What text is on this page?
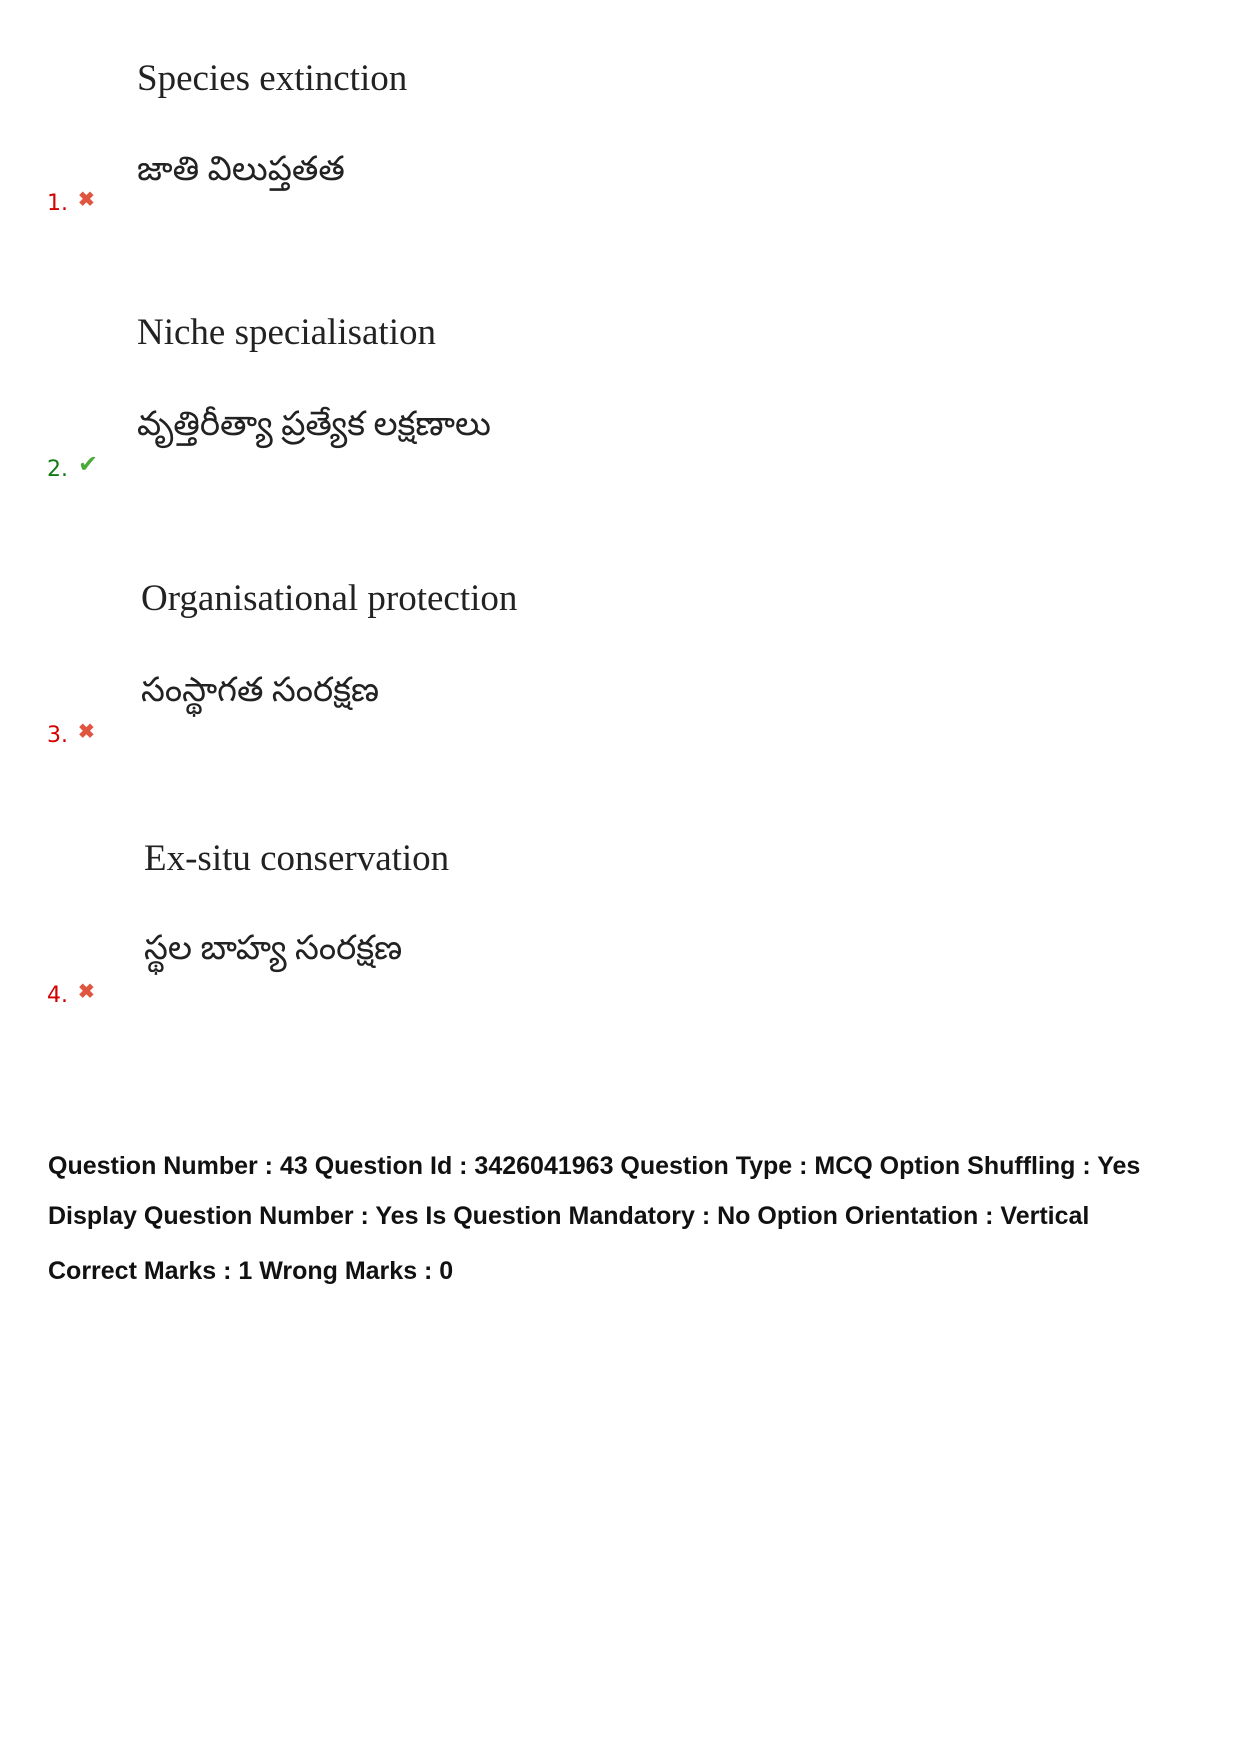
Species extinction
జాతి విలుప్తతత
1. ✖
Niche specialisation
వృత్తిరీత్యా ప్రత్యేక లక్షణాలు
2. ✔
Organisational protection
సంస్థాగత సంరక్షణ
3. ✖
Ex-situ conservation
స్థల బాహ్య సంరక్షణ
4. ✖
Question Number : 43 Question Id : 3426041963 Question Type : MCQ Option Shuffling : Yes
Display Question Number : Yes Is Question Mandatory : No Option Orientation : Vertical
Correct Marks : 1 Wrong Marks : 0
